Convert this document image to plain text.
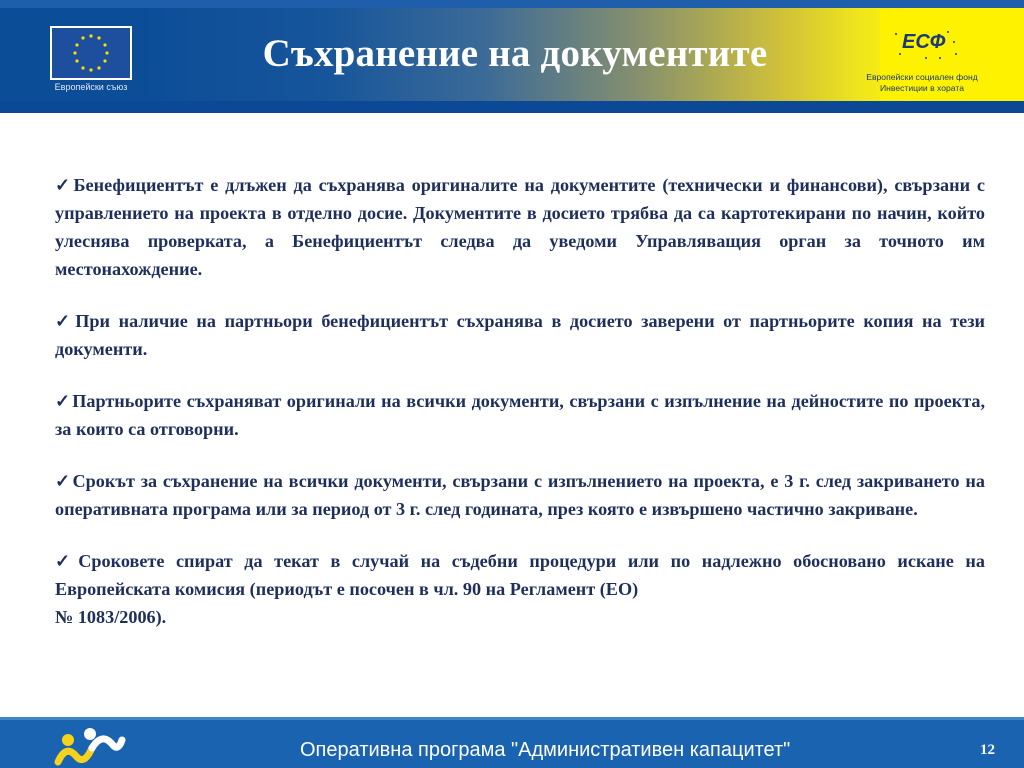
Европейски съюз
Съхранение на документите	ЕСФ
Европейски социален фонд
Инвестиции в хората

✓Бенефициентът е длъжен да съхранява оригиналите на документите (технически и финансови), свързани с управлението на проекта в отделно досие. Документите в досието трябва да са картотекирани по начин, който улеснява проверката, а Бенефициентът следва да уведоми Управляващия орган за точното им местонахождение.

✓При наличие на партньори бенефициентът съхранява в досието заверени от партньорите копия на тези документи.

✓Партньорите съхраняват оригинали на всички документи, свързани с изпълнение на дейностите по проекта, за които са отговорни.

✓Срокът за съхранение на всички документи, свързани с изпълнението на проекта, е 3 г. след закриването на оперативната програма или за период от 3 г. след годината, през която е извършено частично закриване.

✓Сроковете спират да текат в случай на съдебни процедури или по надлежно обосновано искане на Европейската комисия (периодът е посочен в чл. 90 на Регламент (ЕО)
№ 1083/2006).

Оперативна програма "Административен капацитет"	12
